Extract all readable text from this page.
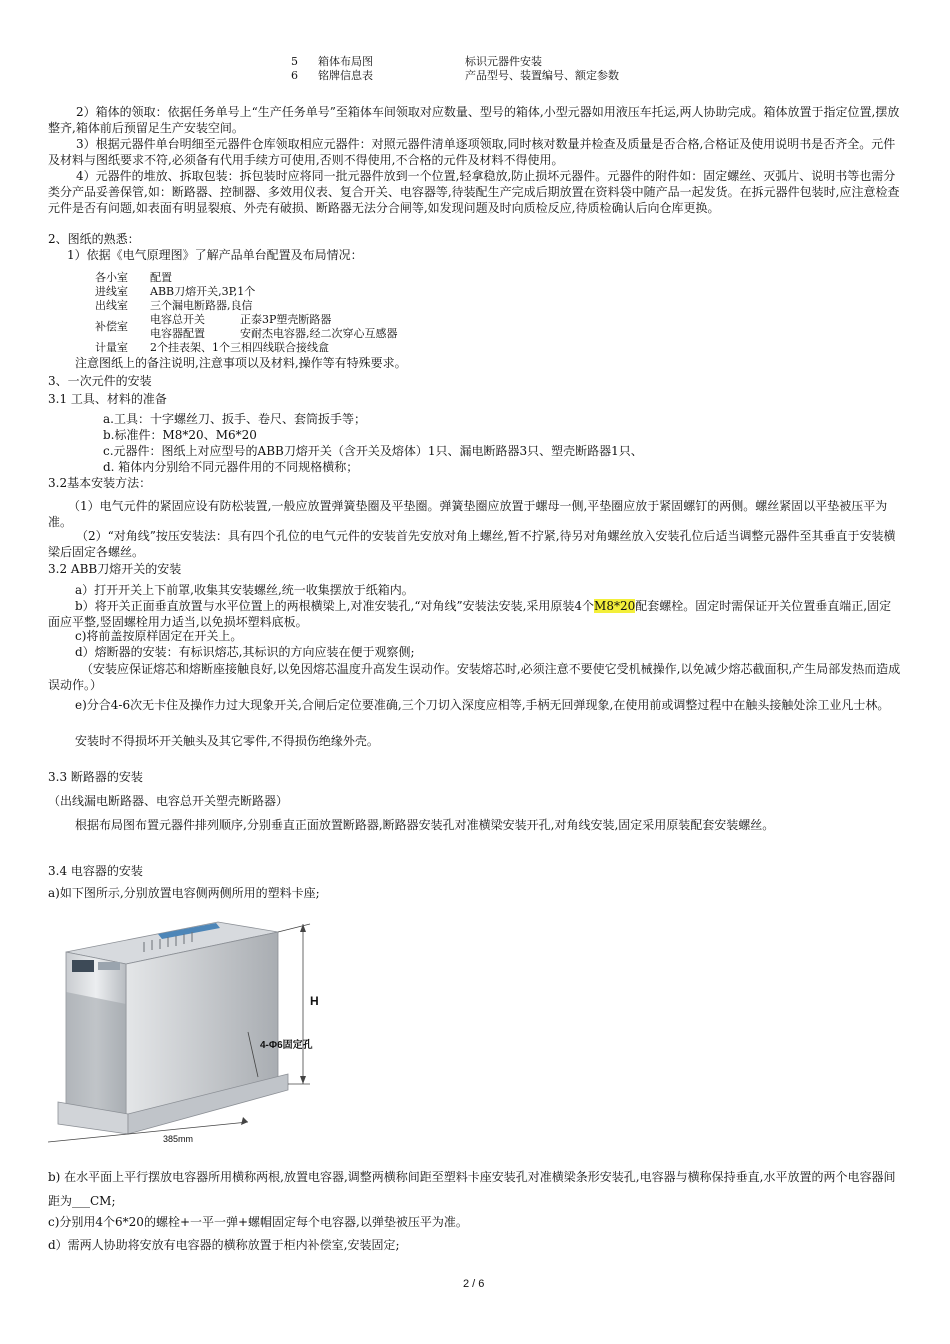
5 箱体布局图	标识元器件安装
6 铭牌信息表	产品型号、装置编号、额定参数
2）箱体的领取：依据任务单号上“生产任务单号”至箱体车间领取对应数量、型号的箱体,小型元器如用液压车托运,两人协助完成。箱体放置于指定位置,摆放整齐,箱体前后预留足生产安装空间。
3）根据元器件单台明细至元器件仓库领取相应元器件：对照元器件清单逐项领取,同时核对数量并检查及质量是否合格,合格证及使用说明书是否齐全。元件及材料与图纸要求不符,必须备有代用手续方可使用,否则不得使用,不合格的元件及材料不得使用。
4）元器件的堆放、拆取包装：拆包装时应将同一批元器件放到一个位置,轻拿稳放,防止损坏元器件。元器件的附件如：固定螺丝、灭弧片、说明书等也需分类分产品妥善保管,如：断路器、控制器、多效用仪表、复合开关、电容器等,待装配生产完成后期放置在资料袋中随产品一起发货。在拆元器件包装时,应注意检查元件是否有问题,如表面有明显裂痕、外壳有破损、断路器无法分合闸等,如发现问题及时向质检反应,待质检确认后向仓库更换。
2、图纸的熟悉：
1）依据《电气原理图》了解产品单台配置及布局情况：
各小室 配置
进线室 ABB刀熔开关,3P,1个
出线室 三个漏电断路器,良信
补偿室
电容总开关	正泰3P塑壳断路器
电容器配置	安耐杰电容器,经二次穿心互感器
计量室 2个挂表架、1个三相四线联合接线盒
注意图纸上的备注说明,注意事项以及材料,操作等有特殊要求。
3、一次元件的安装
3.1 工具、材料的准备
a.工具：十字螺丝刀、扳手、卷尺、套筒扳手等；
b.标准件：M8*20、M6*20
c.元器件：图纸上对应型号的ABB刀熔开关（含开关及熔体）1只、漏电断路器3只、塑壳断路器1只、
d. 箱体内分别给不同元器件用的不同规格横称；
3.2基本安装方法：
（1）电气元件的紧固应设有防松装置,一般应放置弹簧垫圈及平垫圈。弹簧垫圈应放置于螺母一侧,平垫圈应放于紧固螺钉的两侧。螺丝紧固以平垫被压平为准。
（2）“对角线”按压安装法：具有四个孔位的电气元件的安装首先安放对角上螺丝,暂不拧紧,待另对角螺丝放入安装孔位后适当调整元器件至其垂直于安装横梁后固定各螺丝。
3.2 ABB刀熔开关的安装
a）打开开关上下前罩,收集其安装螺丝,统一收集摆放于纸箱内。
b）将开关正面垂直放置与水平位置上的两根横梁上,对准安装孔,“对角线”安装法安装,采用原装4个M8*20配套螺栓。固定时需保证开关位置垂直端正,固定面应平整,竖固螺栓用力适当,以免损坏塑料底板。
c)将前盖按原样固定在开关上。
d）熔断器的安装：有标识熔芯,其标识的方向应装在便于观察侧;
（安装应保证熔芯和熔断座接触良好,以免因熔芯温度升高发生误动作。安装熔芯时,必须注意不要使它受机械操作,以免减少熔芯截面积,产生局部发热而造成误动作。）
e)分合4-6次无卡住及操作力过大现象开关,合闸后定位要准确,三个刀切入深度应相等,手柄无回弹现象,在使用前或调整过程中在触头接触处涂工业凡士林。
安装时不得损坏开关触头及其它零件,不得损伤绝缘外壳。
3.3 断路器的安装
（出线漏电断路器、电容总开关塑壳断路器）
根据布局图布置元器件排列顺序,分别垂直正面放置断路器,断路器安装孔对准横梁安装开孔,对角线安装,固定采用原装配套安装螺丝。
3.4 电容器的安装
a)如下图所示,分别放置电容侧两侧所用的塑料卡座;
H
4-Φ6固定孔
385mm
b) 在水平面上平行摆放电容器所用横称两根,放置电容器,调整两横称间距至塑料卡座安装孔对准横梁条形安装孔,电容器与横称保持垂直,水平放置的两个电容器间距为___CM;
c)分别用4个6*20的螺栓+一平一弹+螺帽固定每个电容器,以弹垫被压平为准。
d）需两人协助将安放有电容器的横称放置于柜内补偿室,安装固定;
2 / 6
